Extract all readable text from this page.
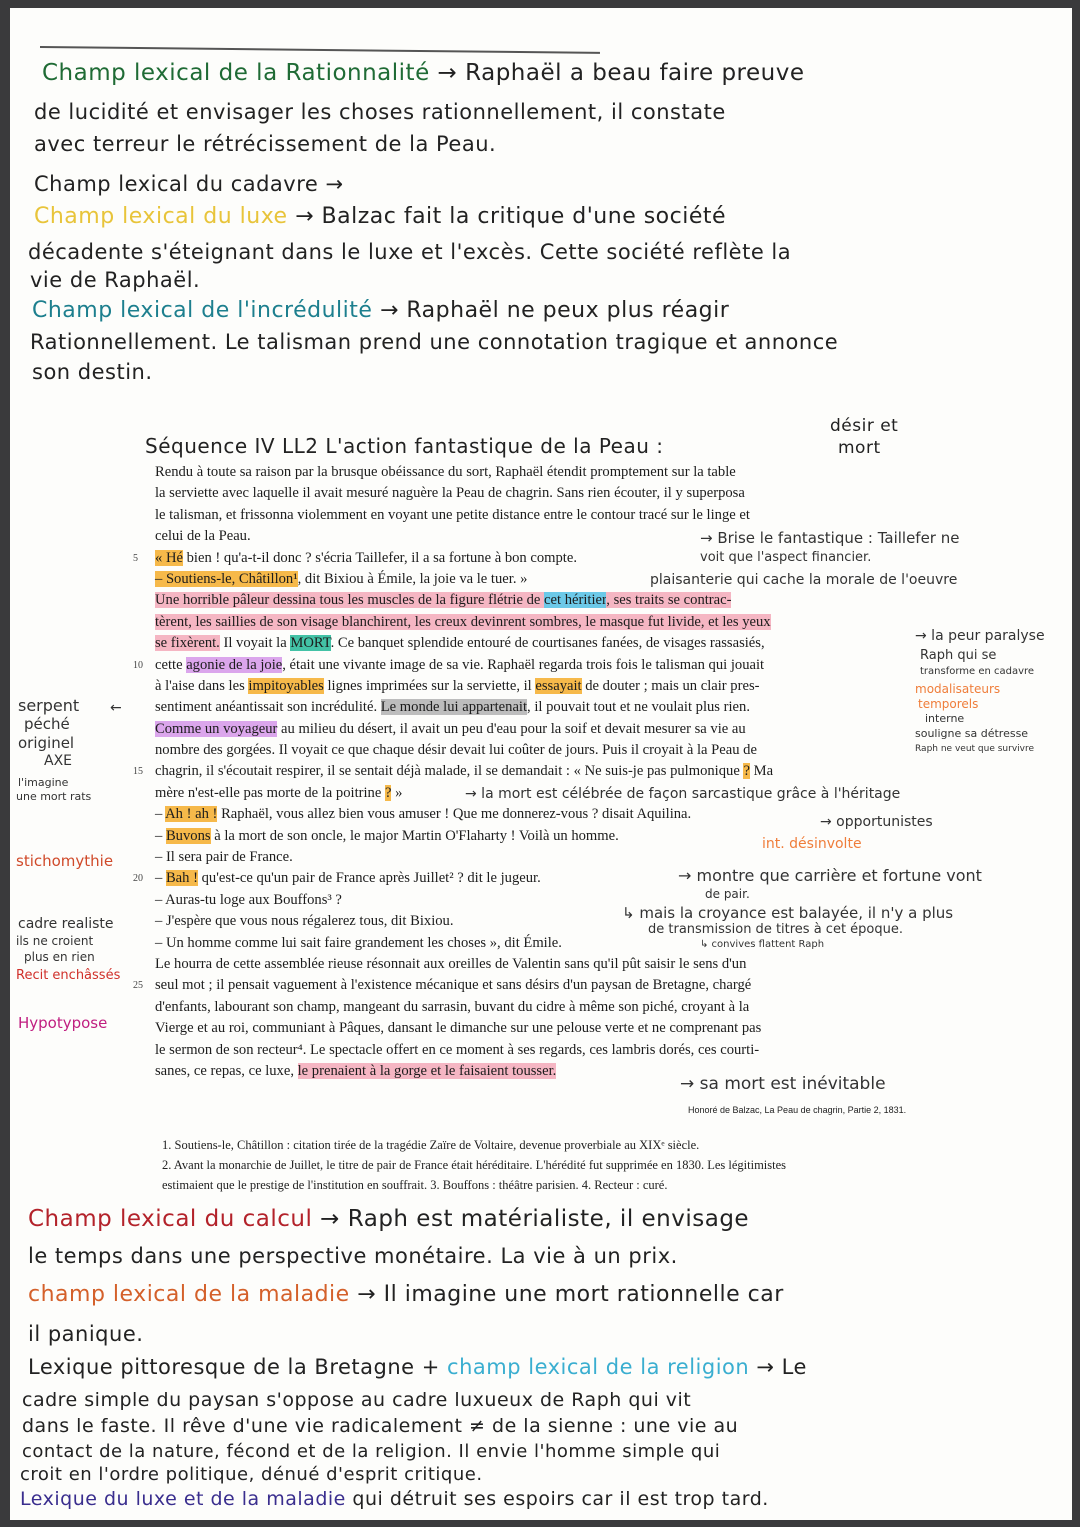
Champ lexical de la Rationnalité → Raphaël a beau faire preuve
de lucidité et envisager les choses rationnellement, il constate
avec terreur le rétrécissement de la Peau.
Champ lexical du cadavre →
Champ lexical du luxe → Balzac fait la critique d'une société
décadente s'éteignant dans le luxe et l'excès. Cette société reflète la
vie de Raphaël.
Champ lexical de l'incrédulité → Raphaël ne peux plus réagir
Rationnellement. Le talisman prend une connotation tragique et annonce
son destin.
Séquence IV LL2 L'action fantastique de la Peau :
désir et
mort
Rendu à toute sa raison par la brusque obéissance du sort, Raphaël étendit promptement sur la table
la serviette avec laquelle il avait mesuré naguère la Peau de chagrin. Sans rien écouter, il y superposa
le talisman, et frissonna violemment en voyant une petite distance entre le contour tracé sur le linge et
celui de la Peau.
5 « Hé bien ! qu'a-t-il donc ? s'écria Taillefer, il a sa fortune à bon compte.
– Soutiens-le, Châtillon¹, dit Bixiou à Émile, la joie va le tuer. »
Une horrible pâleur dessina tous les muscles de la figure flétrie de cet héritier, ses traits se contrac-
tèrent, les saillies de son visage blanchirent, les creux devinrent sombres, le masque fut livide, et les yeux
se fixèrent. Il voyait la MORT. Ce banquet splendide entouré de courtisanes fanées, de visages rassasiés,
10 cette agonie de la joie, était une vivante image de sa vie. Raphaël regarda trois fois le talisman qui jouait
à l'aise dans les impitoyables lignes imprimées sur la serviette, il essayait de douter ; mais un clair pres-
sentiment anéantissait son incrédulité. Le monde lui appartenait, il pouvait tout et ne voulait plus rien.
Comme un voyageur au milieu du désert, il avait un peu d'eau pour la soif et devait mesurer sa vie au
nombre des gorgées. Il voyait ce que chaque désir devait lui coûter de jours. Puis il croyait à la Peau de
15 chagrin, il s'écoutait respirer, il se sentait déjà malade, il se demandait : « Ne suis-je pas pulmonique ? Ma
mère n'est-elle pas morte de la poitrine ? »
– Ah ! ah ! Raphaël, vous allez bien vous amuser ! Que me donnerez-vous ? disait Aquilina.
– Buvons à la mort de son oncle, le major Martin O'Flaharty ! Voilà un homme.
– Il sera pair de France.
20 – Bah ! qu'est-ce qu'un pair de France après Juillet² ? dit le jugeur.
– Auras-tu loge aux Bouffons³ ?
– J'espère que vous nous régalerez tous, dit Bixiou.
– Un homme comme lui sait faire grandement les choses », dit Émile.
Le hourra de cette assemblée rieuse résonnait aux oreilles de Valentin sans qu'il pût saisir le sens d'un
25 seul mot ; il pensait vaguement à l'existence mécanique et sans désirs d'un paysan de Bretagne, chargé
d'enfants, labourant son champ, mangeant du sarrasin, buvant du cidre à même son piché, croyant à la
Vierge et au roi, communiant à Pâques, dansant le dimanche sur une pelouse verte et ne comprenant pas
le sermon de son recteur⁴. Le spectacle offert en ce moment à ses regards, ces lambris dorés, ces courti-
sanes, ce repas, ce luxe, le prenaient à la gorge et le faisaient tousser.
Honoré de Balzac, La Peau de chagrin, Partie 2, 1831.
1. Soutiens-le, Châtillon : citation tirée de la tragédie Zaïre de Voltaire, devenue proverbiale au XIXᵉ siècle.
2. Avant la monarchie de Juillet, le titre de pair de France était héréditaire. L'hérédité fut supprimée en 1830. Les légitimistes
estimaient que le prestige de l'institution en souffrait. 3. Bouffons : théâtre parisien. 4. Recteur : curé.
serpent ←
péché
originel
AXE
l'imagine
une mort rats
stichomythie
cadre realiste
ils ne croient
plus en rien
Recit enchâssés
Hypotypose
→ Brise le fantastique : Taillefer ne
voit que l'aspect financier.
plaisanterie qui cache la morale de l'oeuvre
→ la peur paralyse
Raph qui se
transforme en cadavre
modalisateurs
temporels
interne
souligne sa détresse
Raph ne veut que survivre
→ la mort est célébrée de façon sarcastique grâce à l'héritage
→ opportunistes
int. désinvolte
→ montre que carrière et fortune vont
de pair.
↳ mais la croyance est balayée, il n'y a plus
de transmission de titres à cet époque.
↳ convives flattent Raph
→ sa mort est inévitable
Champ lexical du calcul → Raph est matérialiste, il envisage
le temps dans une perspective monétaire. La vie à un prix.
champ lexical de la maladie → Il imagine une mort rationnelle car
il panique.
Lexique pittoresque de la Bretagne + champ lexical de la religion → Le
cadre simple du paysan s'oppose au cadre luxueux de Raph qui vit
dans le faste. Il rêve d'une vie radicalement ≠ de la sienne : une vie au
contact de la nature, fécond et de la religion. Il envie l'homme simple qui
croit en l'ordre politique, dénué d'esprit critique.
Lexique du luxe et de la maladie qui détruit ses espoirs car il est trop tard.
